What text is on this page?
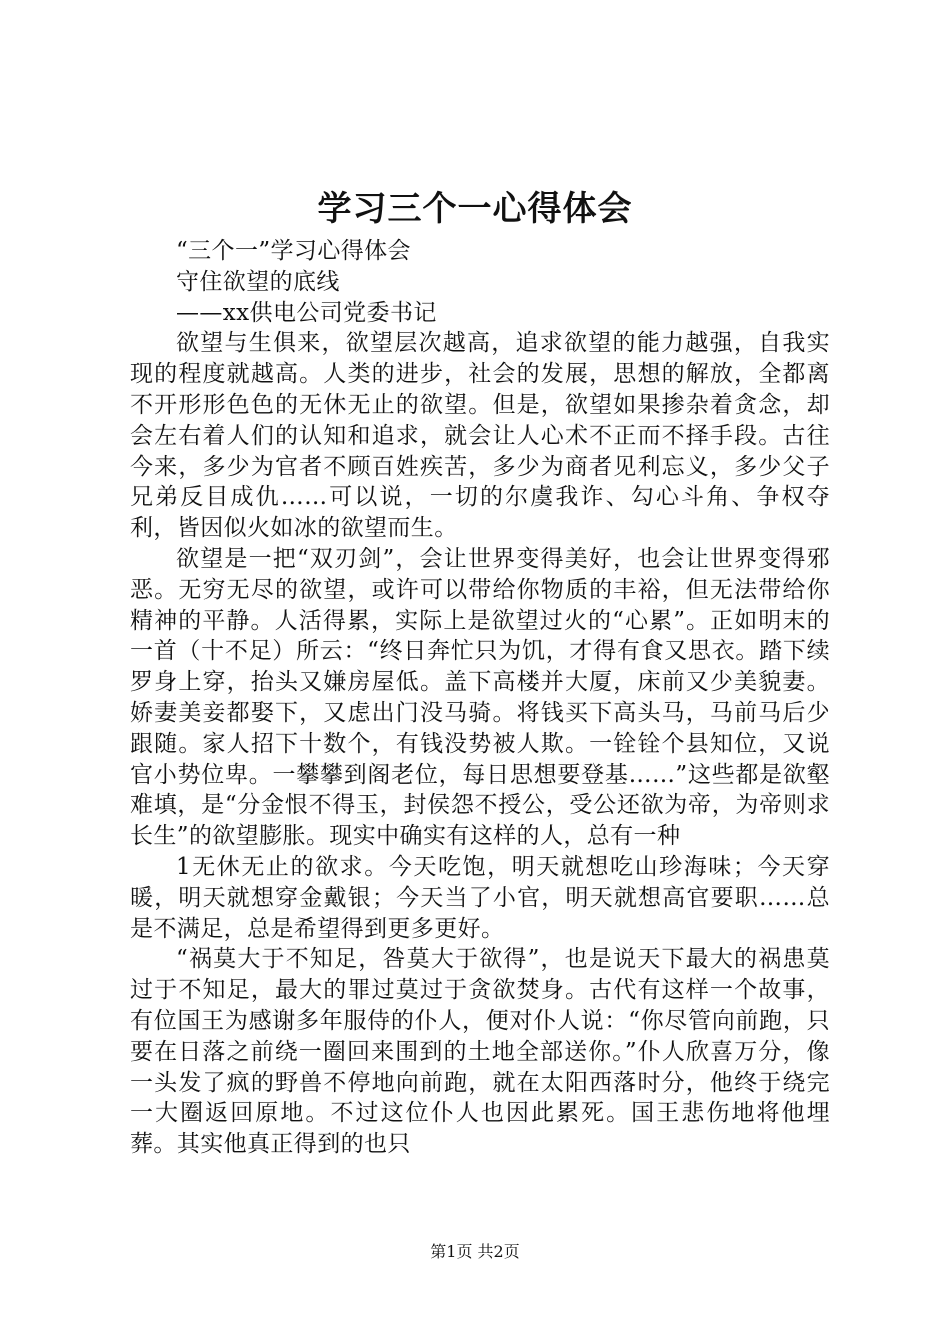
学习三个一心得体会

“三个一”学习心得体会

守住欲望的底线

——xx供电公司党委书记

欲望与生俱来，欲望层次越高，追求欲望的能力越强，自我实现的程度就越高。人类的进步，社会的发展，思想的解放，全都离不开形形色色的无休无止的欲望。但是，欲望如果掺杂着贪念，却会左右着人们的认知和追求，就会让人心术不正而不择手段。古往今来，多少为官者不顾百姓疾苦，多少为商者见利忘义，多少父子兄弟反目成仇……可以说，一切的尔虞我诈、勾心斗角、争权夺利，皆因似火如冰的欲望而生。

欲望是一把“双刃剑”，会让世界变得美好，也会让世界变得邪恶。无穷无尽的欲望，或许可以带给你物质的丰裕，但无法带给你精神的平静。人活得累，实际上是欲望过火的“心累”。正如明末的一首（十不足）所云：“终日奔忙只为饥，才得有食又思衣。踏下续罗身上穿，抬头又嫌房屋低。盖下高楼并大厦，床前又少美貌妻。娇妻美妾都娶下，又虑出门没马骑。将钱买下高头马，马前马后少跟随。家人招下十数个，有钱没势被人欺。一铨铨个县知位，又说官小势位卑。一攀攀到阁老位，每日思想要登基……”这些都是欲壑难填，是“分金恨不得玉，封侯怨不授公，受公还欲为帝，为帝则求长生”的欲望膨胀。现实中确实有这样的人，总有一种

1无休无止的欲求。今天吃饱，明天就想吃山珍海味；今天穿暖，明天就想穿金戴银；今天当了小官，明天就想高官要职……总是不满足，总是希望得到更多更好。

“祸莫大于不知足，咎莫大于欲得”，也是说天下最大的祸患莫过于不知足，最大的罪过莫过于贪欲焚身。古代有这样一个故事，有位国王为感谢多年服侍的仆人，便对仆人说：“你尽管向前跑，只要在日落之前绕一圈回来围到的土地全部送你。”仆人欣喜万分，像一头发了疯的野兽不停地向前跑，就在太阳西落时分，他终于绕完一大圈返回原地。不过这位仆人也因此累死。国王悲伤地将他埋葬。其实他真正得到的也只

第1页 共2页
